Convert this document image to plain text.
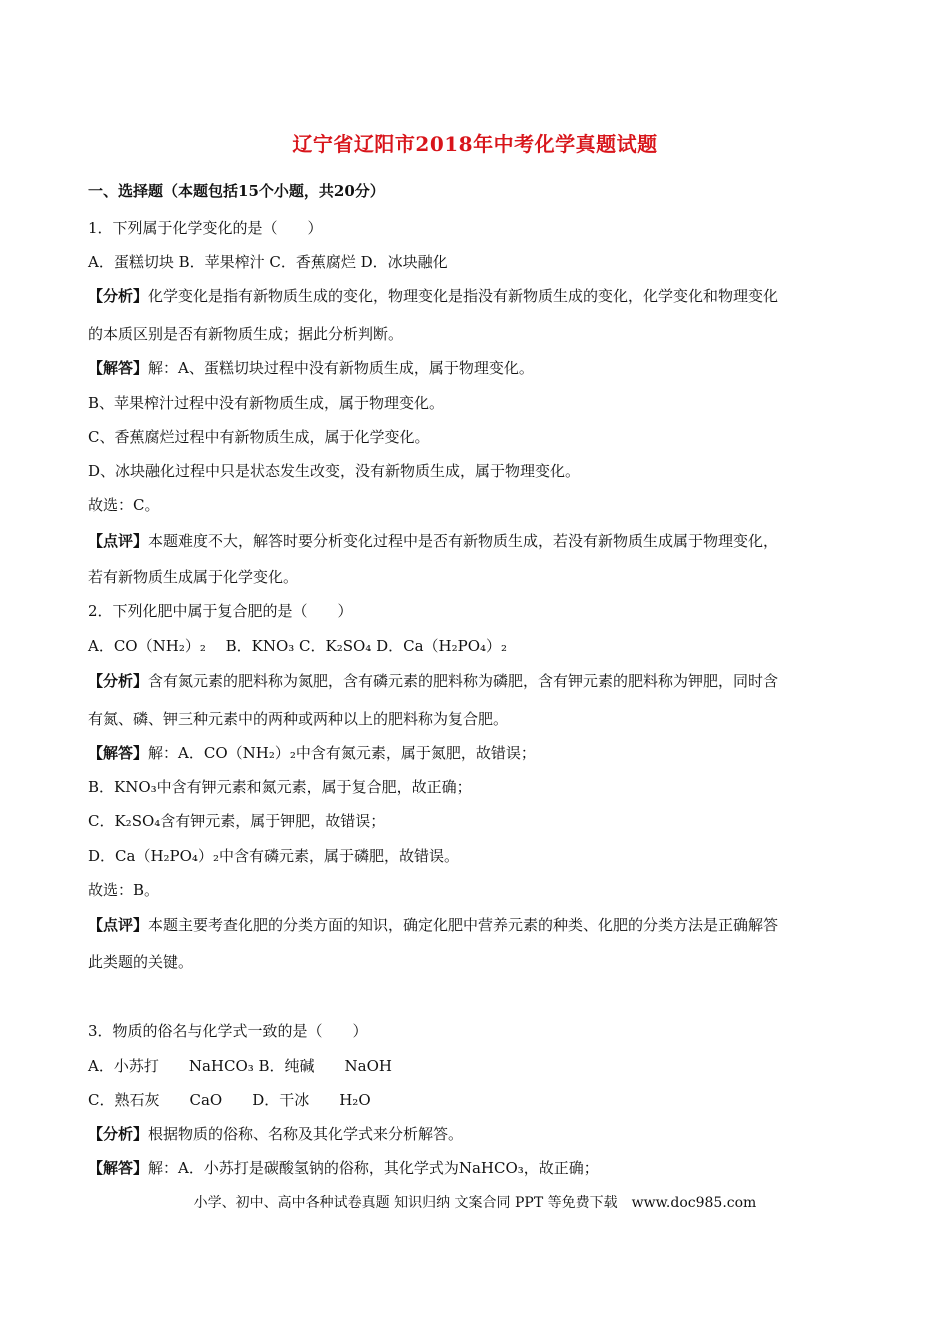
辽宁省辽阳市2018年中考化学真题试题
一、选择题（本题包括15个小题，共20分）
1．下列属于化学变化的是（　　）
A．蛋糕切块 B．苹果榨汁 C．香蕉腐烂 D．冰块融化
【分析】化学变化是指有新物质生成的变化，物理变化是指没有新物质生成的变化，化学变化和物理变化
的本质区别是否有新物质生成；据此分析判断。
【解答】解：A、蛋糕切块过程中没有新物质生成，属于物理变化。
B、苹果榨汁过程中没有新物质生成，属于物理变化。
C、香蕉腐烂过程中有新物质生成，属于化学变化。
D、冰块融化过程中只是状态发生改变，没有新物质生成，属于物理变化。
故选：C。
【点评】本题难度不大，解答时要分析变化过程中是否有新物质生成，若没有新物质生成属于物理变化，
若有新物质生成属于化学变化。
2．下列化肥中属于复合肥的是（　　）
A．CO（NH₂）₂　 B．KNO₃ C．K₂SO₄ D．Ca（H₂PO₄）₂
【分析】含有氮元素的肥料称为氮肥，含有磷元素的肥料称为磷肥，含有钾元素的肥料称为钾肥，同时含
有氮、磷、钾三种元素中的两种或两种以上的肥料称为复合肥。
【解答】解：A．CO（NH₂）₂中含有氮元素，属于氮肥，故错误；
B．KNO₃中含有钾元素和氮元素，属于复合肥，故正确；
C．K₂SO₄含有钾元素，属于钾肥，故错误；
D．Ca（H₂PO₄）₂中含有磷元素，属于磷肥，故错误。
故选：B。
【点评】本题主要考查化肥的分类方面的知识，确定化肥中营养元素的种类、化肥的分类方法是正确解答
此类题的关键。
3．物质的俗名与化学式一致的是（　　）
A．小苏打　　NaHCO₃ B．纯碱　　NaOH
C．熟石灰　　CaO　　D．干冰　　H₂O
【分析】根据物质的俗称、名称及其化学式来分析解答。
【解答】解：A．小苏打是碳酸氢钠的俗称，其化学式为NaHCO₃，故正确；
小学、初中、高中各种试卷真题 知识归纳 文案合同 PPT 等免费下载　www.doc985.com
